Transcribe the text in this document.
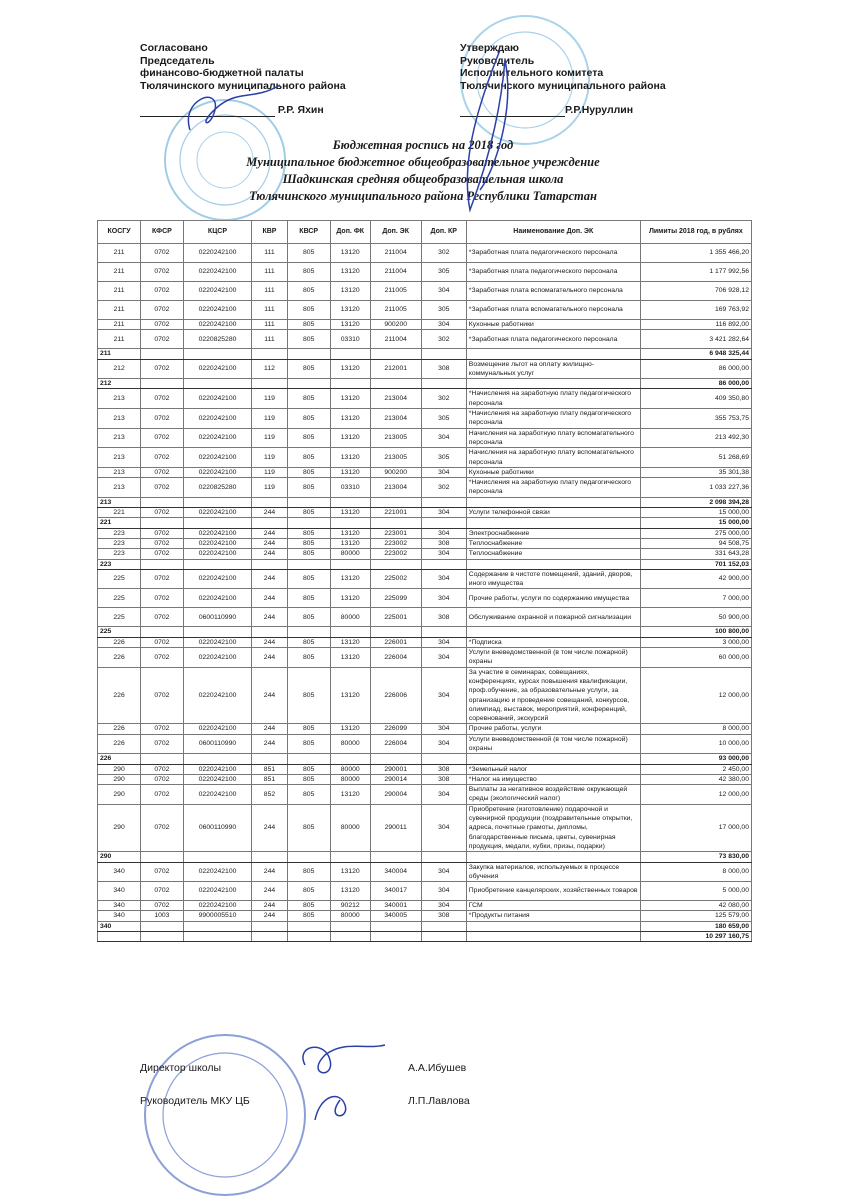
Согласовано
Председатель
финансово-бюджетной палаты
Тюлячинского муниципального района
Р.Р. Яхин
Утверждаю
Руководитель
Исполнительного комитета
Тюлячинского муниципального района
Р.Р.Нуруллин
Бюджетная роспись на 2018 год
Муниципальное бюджетное общеобразовательное учреждение
Шадкинская средняя общеобразовательная школа
Тюлячинского муниципального района Республики Татарстан
КОСГУ	КФСР	КЦСР	КВР	КВСР	Доп. ФК	Доп. ЭК	Доп. КР	Наименование Доп. ЭК	Лимиты 2018 год, в рублях
211	0702	0220242100	111	805	13120	211004	302	*Заработная плата педагогического персонала	1 355 466,20
211	0702	0220242100	111	805	13120	211004	305	*Заработная плата педагогического персонала	1 177 992,56
211	0702	0220242100	111	805	13120	211005	304	*Заработная плата вспомагательного персонала	706 928,12
211	0702	0220242100	111	805	13120	211005	305	*Заработная плата вспомагательного персонала	169 763,92
211	0702	0220242100	111	805	13120	900200	304	Кухонные работники	116 892,00
211	0702	0220825280	111	805	03310	211004	302	*Заработная плата педагогического персонала	3 421 282,64
211									6 948 325,44
212	0702	0220242100	112	805	13120	212001	308	Возмещение льгот на оплату жилищно-коммунальных услуг	86 000,00
212									86 000,00
213	0702	0220242100	119	805	13120	213004	302	*Начисления на заработную плату педагогического персонала	409 350,80
213	0702	0220242100	119	805	13120	213004	305	*Начисления на заработную плату педагогического персонала	355 753,75
213	0702	0220242100	119	805	13120	213005	304	Начисления на заработную плату вспомагательного персонала	213 492,30
213	0702	0220242100	119	805	13120	213005	305	Начисления на заработную плату вспомагательного персонала	51 268,69
213	0702	0220242100	119	805	13120	900200	304	Кухонные работники	35 301,38
213	0702	0220825280	119	805	03310	213004	302	*Начисления на заработную плату педагогического персонала	1 033 227,36
213									2 098 394,28
221	0702	0220242100	244	805	13120	221001	304	Услуги телефонной связи	15 000,00
221									15 000,00
223	0702	0220242100	244	805	13120	223001	304	Электроснабжение	275 000,00
223	0702	0220242100	244	805	13120	223002	308	Теплоснабжение	94 508,75
223	0702	0220242100	244	805	80000	223002	304	Теплоснабжение	331 643,28
223									701 152,03
225	0702	0220242100	244	805	13120	225002	304	Содержание в чистоте помещений, зданий, дворов, иного имущества	42 900,00
225	0702	0220242100	244	805	13120	225099	304	Прочие работы, услуги по содержанию имущества	7 000,00
225	0702	0600110990	244	805	80000	225001	308	Обслуживание охранной и пожарной сигнализации	50 900,00
225									100 800,00
226	0702	0220242100	244	805	13120	226001	304	*Подписка	3 000,00
226	0702	0220242100	244	805	13120	226004	304	Услуги вневедомственной (в том числе пожарной) охраны	60 000,00
226	0702	0220242100	244	805	13120	226006	304	За участие в семинарах, совещаниях, конференциях, курсах повышения квалификации, проф.обучение, за образовательные услуги, за организацию и проведение совещаний, конкурсов, олимпиад, выставок, мероприятий, конференций, соревнований, экскурсий	12 000,00
226	0702	0220242100	244	805	13120	226099	304	Прочие работы, услуги	8 000,00
226	0702	0600110990	244	805	80000	226004	304	Услуги вневедомственной (в том числе пожарной) охраны	10 000,00
226									93 000,00
290	0702	0220242100	851	805	80000	290001	308	*Земельный налог	2 450,00
290	0702	0220242100	851	805	80000	290014	308	*Налог на имущество	42 380,00
290	0702	0220242100	852	805	13120	290004	304	Выплаты за негативное воздействие окружающей среды (экологический налог)	12 000,00
290	0702	0600110990	244	805	80000	290011	304	Приобретение (изготовление) подарочной и сувенирной продукции (поздравительные открытки, адреса, почетные грамоты, дипломы, благодарственные письма, цветы, сувенирная продукция, медали, кубки, призы, подарки)	17 000,00
290									73 830,00
340	0702	0220242100	244	805	13120	340004	304	Закупка материалов, используемых в процессе обучения	8 000,00
340	0702	0220242100	244	805	13120	340017	304	Приобретение канцелярских, хозяйственных товаров	5 000,00
340	0702	0220242100	244	805	90212	340001	304	ГСМ	42 080,00
340	1003	9900005510	244	805	80000	340005	308	*Продукты питания	125 579,00
340									180 659,00
									10 297 160,75
Директор школы	А.А.Ибушев
Руководитель МКУ ЦБ	Л.П.Лавлова
